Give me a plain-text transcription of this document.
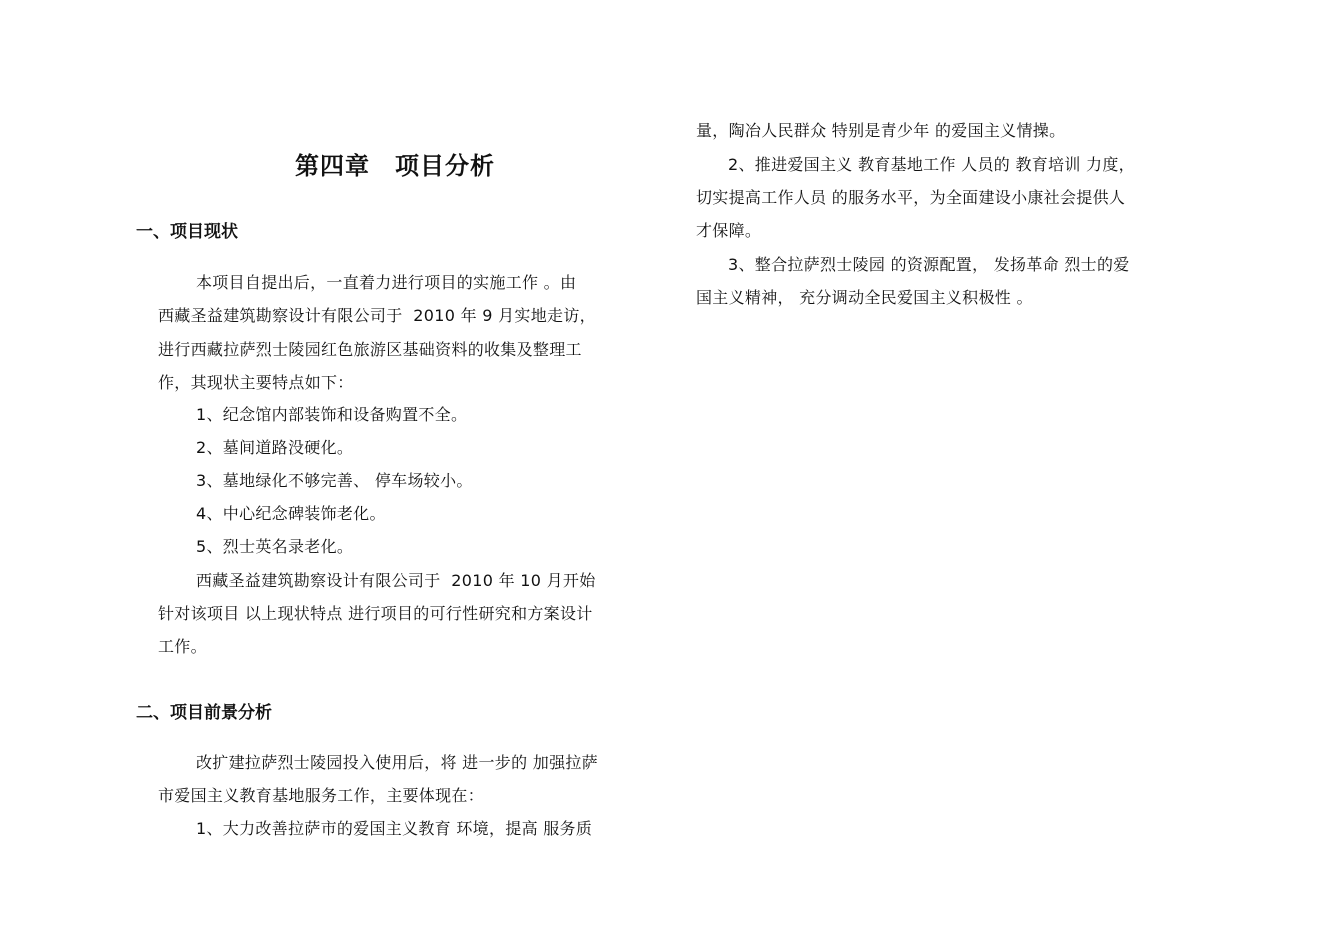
第四章　项目分析
一、项目现状
本项目自提出后，一直着力进行项目的实施工作 。由
西藏圣益建筑勘察设计有限公司于  2010 年 9 月实地走访，
进行西藏拉萨烈士陵园红色旅游区基础资料的收集及整理工
作，其现状主要特点如下：
1、纪念馆内部装饰和设备购置不全。
2、墓间道路没硬化。
3、墓地绿化不够完善、 停车场较小。
4、中心纪念碑装饰老化。
5、烈士英名录老化。
西藏圣益建筑勘察设计有限公司于  2010 年 10 月开始
针对该项目 以上现状特点 进行项目的可行性研究和方案设计
工作。
二、项目前景分析
改扩建拉萨烈士陵园投入使用后，将 进一步的 加强拉萨
市爱国主义教育基地服务工作，主要体现在：
1、大力改善拉萨市的爱国主义教育 环境，提高 服务质
量，陶冶人民群众 特别是青少年 的爱国主义情操。
2、推进爱国主义 教育基地工作 人员的 教育培训 力度，
切实提高工作人员 的服务水平，为全面建设小康社会提供人
才保障。
3、整合拉萨烈士陵园 的资源配置， 发扬革命 烈士的爱
国主义精神， 充分调动全民爱国主义积极性 。
